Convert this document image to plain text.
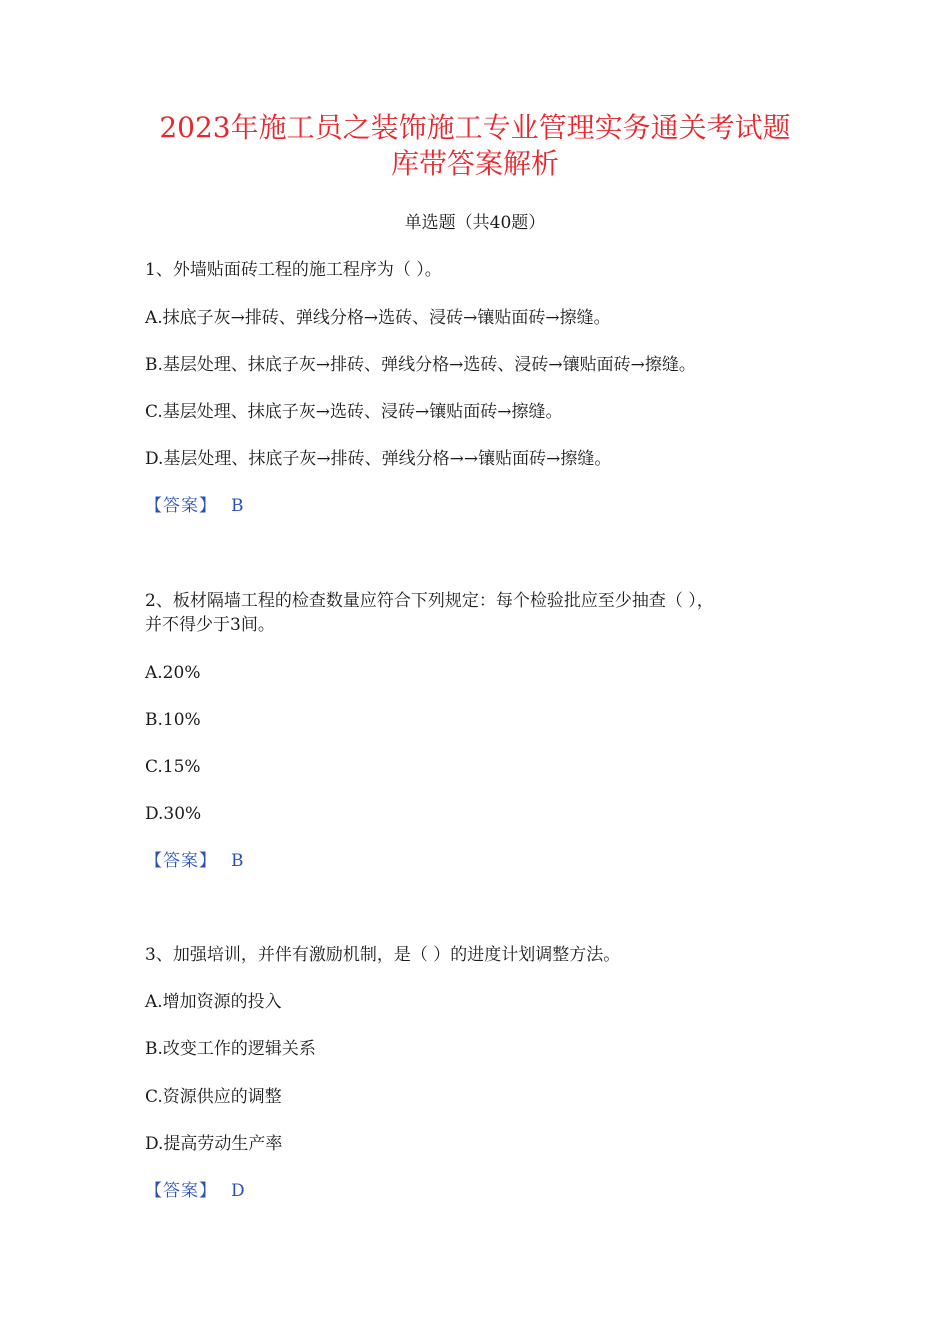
2023年施工员之装饰施工专业管理实务通关考试题
库带答案解析
单选题（共40题）
1、外墙贴面砖工程的施工程序为（ ）。
A.抹底子灰→排砖、弹线分格→选砖、浸砖→镶贴面砖→擦缝。
B.基层处理、抹底子灰→排砖、弹线分格→选砖、浸砖→镶贴面砖→擦缝。
C.基层处理、抹底子灰→选砖、浸砖→镶贴面砖→擦缝。
D.基层处理、抹底子灰→排砖、弹线分格→→镶贴面砖→擦缝。
【答案】 B
2、板材隔墙工程的检查数量应符合下列规定：每个检验批应至少抽查（ ），
并不得少于3间。
A.20%
B.10%
C.15%
D.30%
【答案】 B
3、加强培训，并伴有激励机制，是（ ）的进度计划调整方法。
A.增加资源的投入
B.改变工作的逻辑关系
C.资源供应的调整
D.提高劳动生产率
【答案】 D
